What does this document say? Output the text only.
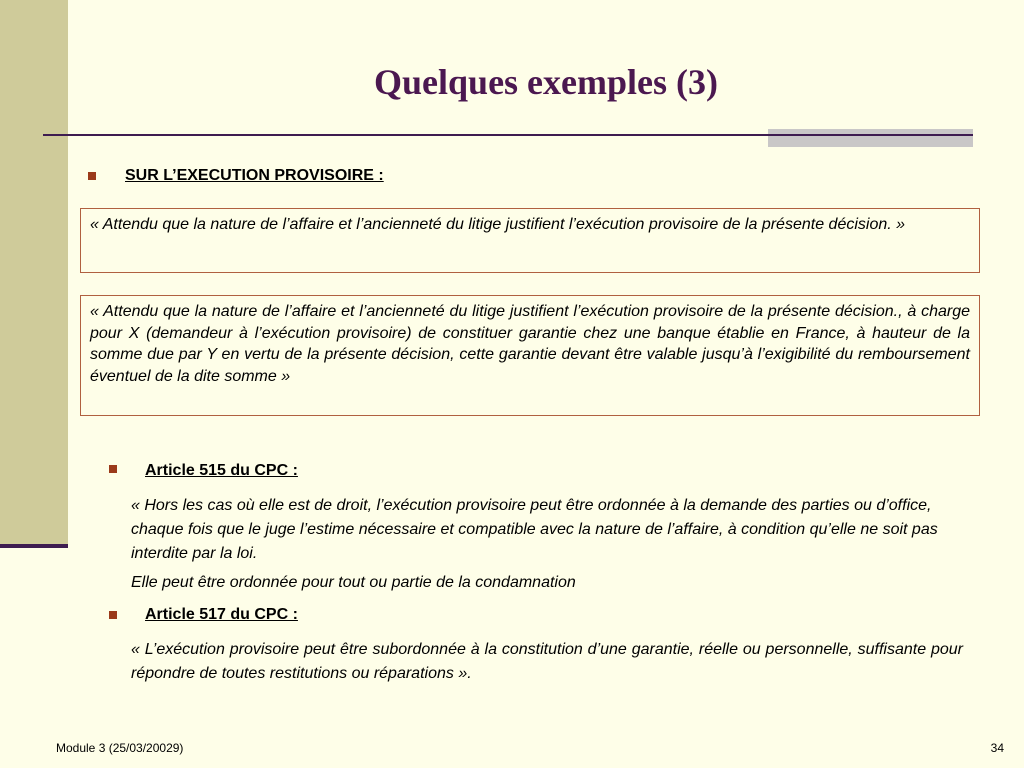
Quelques exemples (3)

SUR L’EXECUTION PROVISOIRE :

« Attendu que la nature de l’affaire et l’ancienneté du litige justifient l’exécution provisoire de la présente décision. »

« Attendu que la nature de l’affaire et l’ancienneté du litige justifient l’exécution provisoire de la présente décision., à charge pour X (demandeur à l’exécution provisoire) de constituer garantie chez une banque établie en France, à hauteur de la somme due par Y en vertu de la présente décision, cette garantie devant être valable jusqu’à l’exigibilité du remboursement éventuel de la dite somme »

Article 515 du CPC :

« Hors les cas où elle est de droit, l’exécution provisoire peut être ordonnée à la demande des parties ou d’office, chaque fois que le juge l’estime nécessaire et compatible avec la nature de l’affaire, à condition qu’elle ne soit pas interdite par la loi.

Elle peut être ordonnée pour tout ou partie de la condamnation

Article 517 du CPC :

« L’exécution provisoire peut être subordonnée à la constitution d’une garantie, réelle ou personnelle, suffisante pour répondre de toutes restitutions ou réparations ».

Module 3 (25/03/20029)	34
